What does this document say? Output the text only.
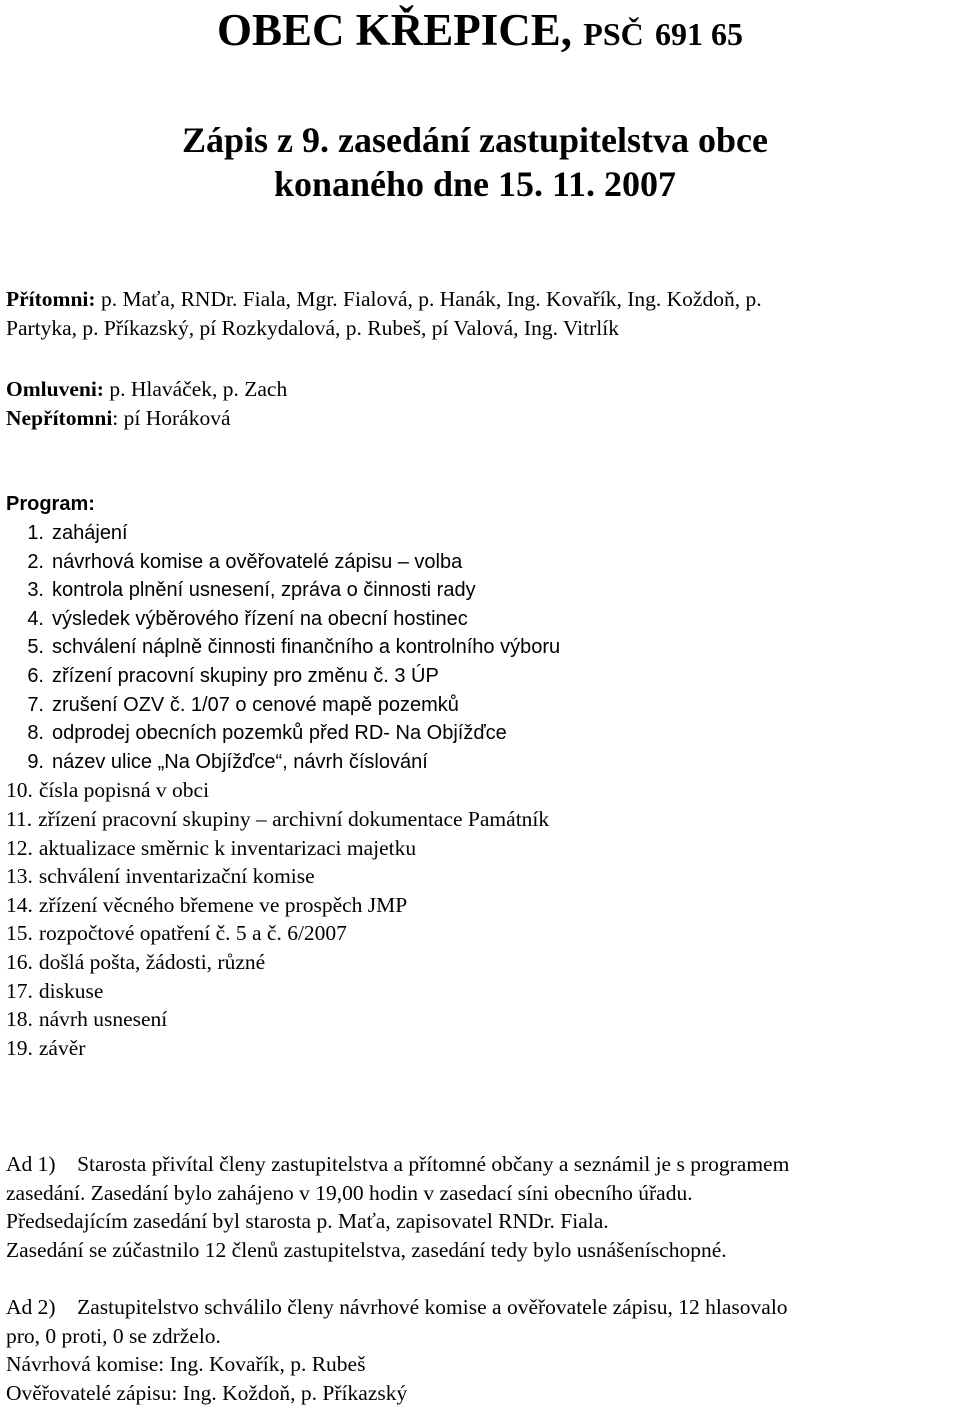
OBEC KŘEPICE, PSČ 691 65
Zápis z 9. zasedání zastupitelstva obce
konaného dne 15. 11. 2007

Přítomni: p. Maťa, RNDr. Fiala, Mgr. Fialová, p. Hanák, Ing. Kovařík, Ing. Koždoň, p.

Partyka, p. Příkazský, pí Rozkydalová, p. Rubeš, pí Valová, Ing. Vitrlík

Omluveni: p. Hlaváček, p. Zach

Nepřítomni: pí Horáková

Program:
1. zahájení
2. návrhová komise a ověřovatelé zápisu – volba
3. kontrola plnění usnesení, zpráva o činnosti rady
4. výsledek výběrového řízení na obecní hostinec
5. schválení náplně činnosti finančního a kontrolního výboru
6. zřízení pracovní skupiny pro změnu č. 3 ÚP
7. zrušení OZV č. 1/07 o cenové mapě pozemků
8. odprodej obecních pozemků před RD- Na Objížďce
9. název ulice „Na Objížďce“, návrh číslování
10. čísla popisná v obci
11. zřízení pracovní skupiny – archivní dokumentace Památník
12. aktualizace směrnic k inventarizaci majetku
13. schválení inventarizační komise
14. zřízení věcného břemene ve prospěch JMP
15. rozpočtové opatření č. 5 a č. 6/2007
16. došlá pošta, žádosti, různé
17. diskuse
18. návrh usnesení
19. závěr

Ad 1) Starosta přivítal členy zastupitelstva a přítomné občany a seznámil je s programem

zasedání. Zasedání bylo zahájeno v 19,00 hodin v zasedací síni obecního úřadu.

Předsedajícím zasedání byl starosta p. Maťa, zapisovatel RNDr. Fiala.

Zasedání se zúčastnilo 12 členů zastupitelstva, zasedání tedy bylo usnášeníschopné.

Ad 2) Zastupitelstvo schválilo členy návrhové komise a ověřovatele zápisu, 12 hlasovalo

pro, 0 proti, 0 se zdrželo.

Návrhová komise: Ing. Kovařík, p. Rubeš

Ověřovatelé zápisu: Ing. Koždoň, p. Příkazský
